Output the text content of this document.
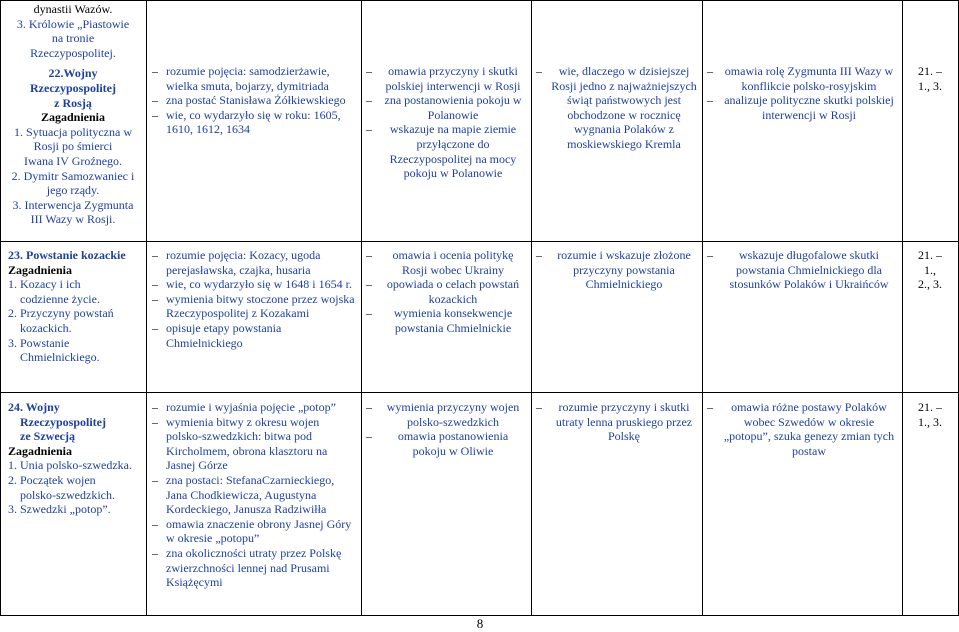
dynastii Wazów.
3. Królowie „Piastowie
na tronie
Rzeczypospolitej.
22.Wojny
Rzeczypospolitej
z Rosją
Zagadnienia
1. Sytuacja polityczna w
Rosji po śmierci
Iwana IV Groźnego.
2. Dymitr Samozwaniec i
jego rządy.
3. Interwencja Zygmunta
III Wazy w Rosji.
– rozumie pojęcia: samodzierżawie, wielka smuta, bojarzy, dymitriada
– zna postać Stanisława Żółkiewskiego
– wie, co wydarzyło się w roku: 1605, 1610, 1612, 1634
– omawia przyczyny i skutki polskiej interwencji w Rosji
– zna postanowienia pokoju w Polanowie
– wskazuje na mapie ziemie przyłączone do Rzeczypospolitej na mocy pokoju w Polanowie
– wie, dlaczego w dzisiejszej Rosji jedno z najważniejszych świąt państwowych jest obchodzone w rocznicę wygnania Polaków z moskiewskiego Kremla
– omawia rolę Zygmunta III Wazy w konflikcie polsko-rosyjskim
– analizuje polityczne skutki polskiej interwencji w Rosji
21. –
1., 3.
23. Powstanie kozackie
Zagadnienia
1. Kozacy i ich
codzienne życie.
2. Przyczyny powstań
kozackich.
3. Powstanie
Chmielnickiego.
– rozumie pojęcia: Kozacy, ugoda perejasławska, czajka, husaria
– wie, co wydarzyło się w 1648 i 1654 r.
– wymienia bitwy stoczone przez wojska Rzeczypospolitej z Kozakami
– opisuje etapy powstania Chmielnickiego
– omawia i ocenia politykę Rosji wobec Ukrainy
– opowiada o celach powstań kozackich
– wymienia konsekwencje powstania Chmielnickie
– rozumie i wskazuje złożone przyczyny powstania Chmielnickiego
– wskazuje długofalowe skutki powstania Chmielnickiego dla stosunków Polaków i Ukraińców
21. –
1.,
2., 3.
24. Wojny
Rzeczypospolitej
ze Szwecją
Zagadnienia
1. Unia polsko-szwedzka.
2. Początek wojen
polsko-szwedzkich.
3. Szwedzki „potop”.
– rozumie i wyjaśnia pojęcie „potop”
– wymienia bitwy z okresu wojen polsko-szwedzkich: bitwa pod Kircholmem, obrona klasztoru na Jasnej Górze
– zna postaci: StefanaCzarnieckiego, Jana Chodkiewicza, Augustyna Kordeckiego, Janusza Radziwiłła
– omawia znaczenie obrony Jasnej Góry w okresie „potopu”
– zna okoliczności utraty przez Polskę zwierzchności lennej nad Prusami Książęcymi
– wymienia przyczyny wojen polsko-szwedzkich
– omawia postanowienia pokoju w Oliwie
– rozumie przyczyny i skutki utraty lenna pruskiego przez Polskę
– omawia różne postawy Polaków wobec Szwedów w okresie „potopu”, szuka genezy zmian tych postaw
21. –
1., 3.
8
